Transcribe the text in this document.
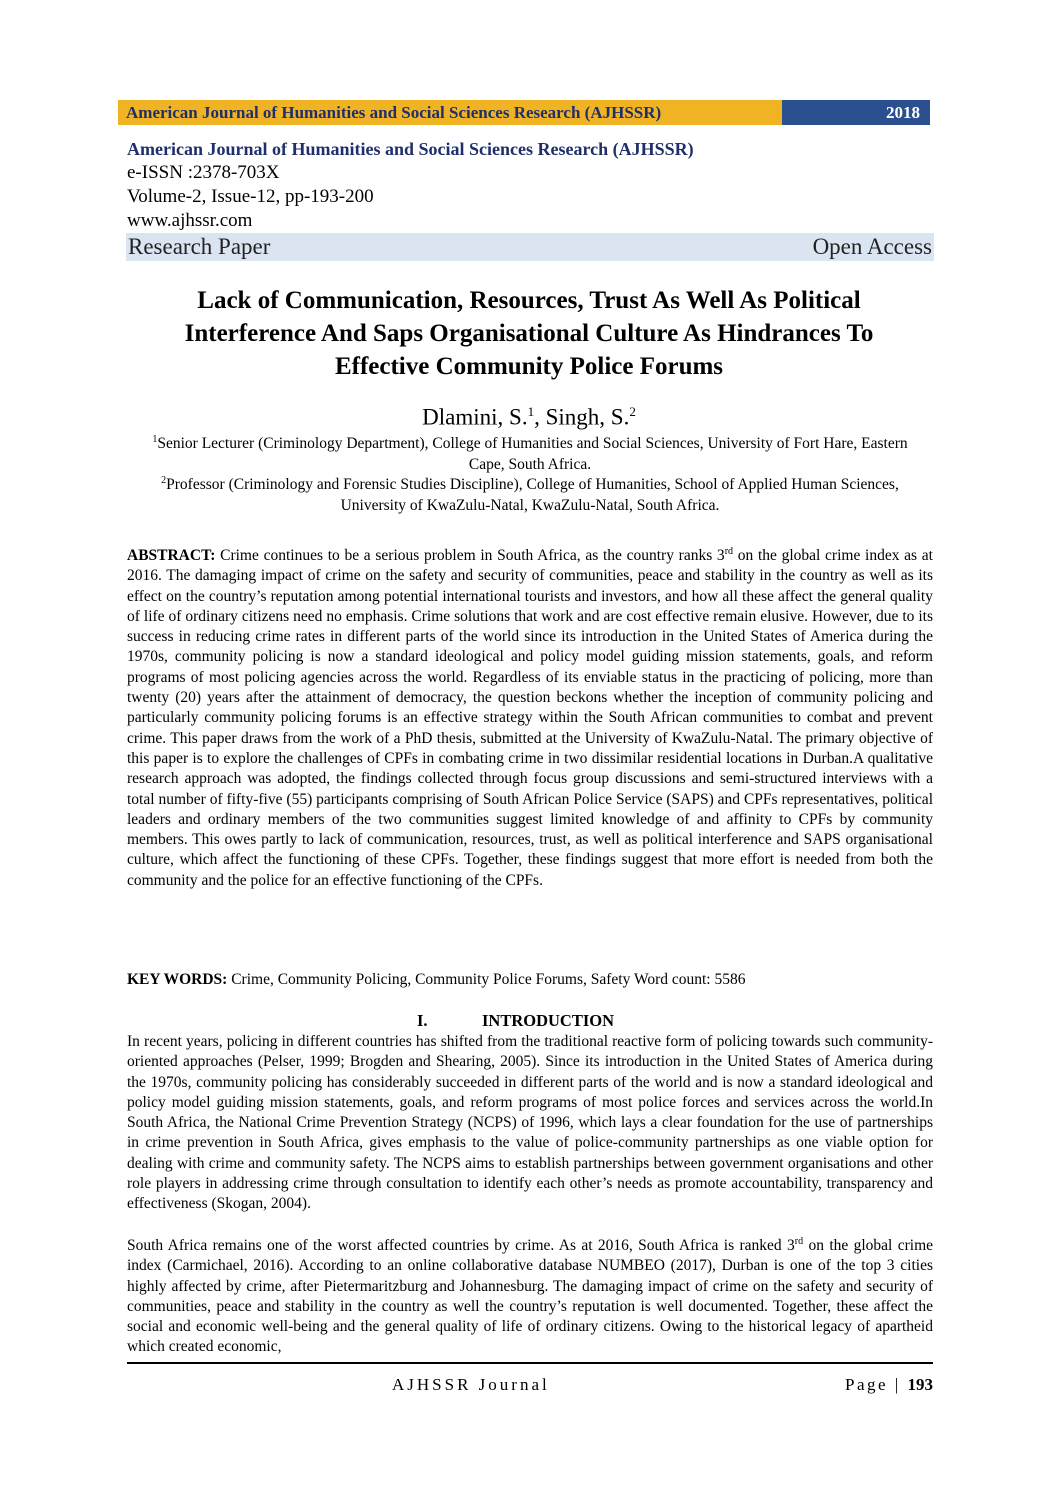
American Journal of Humanities and Social Sciences Research (AJHSSR)	2018
American Journal of Humanities and Social Sciences Research (AJHSSR)
e-ISSN :2378-703X
Volume-2, Issue-12, pp-193-200
www.ajhssr.com
Research Paper	Open Access
Lack of Communication, Resources, Trust As Well As Political
Interference And Saps Organisational Culture As Hindrances To
Effective Community Police Forums
Dlamini, S.$^1$, Singh, S.$^2$
$^1$Senior Lecturer (Criminology Department), College of Humanities and Social Sciences, University of Fort Hare, Eastern Cape, South Africa.
$^2$Professor (Criminology and Forensic Studies Discipline), College of Humanities, School of Applied Human Sciences, University of KwaZulu-Natal, KwaZulu-Natal, South Africa.
ABSTRACT: Crime continues to be a serious problem in South Africa, as the country ranks 3rd on the global crime index as at 2016. The damaging impact of crime on the safety and security of communities, peace and stability in the country as well as its effect on the country’s reputation among potential international tourists and investors, and how all these affect the general quality of life of ordinary citizens need no emphasis. Crime solutions that work and are cost effective remain elusive. However, due to its success in reducing crime rates in different parts of the world since its introduction in the United States of America during the 1970s, community policing is now a standard ideological and policy model guiding mission statements, goals, and reform programs of most policing agencies across the world. Regardless of its enviable status in the practicing of policing, more than twenty (20) years after the attainment of democracy, the question beckons whether the inception of community policing and particularly community policing forums is an effective strategy within the South African communities to combat and prevent crime. This paper draws from the work of a PhD thesis, submitted at the University of KwaZulu-Natal. The primary objective of this paper is to explore the challenges of CPFs in combating crime in two dissimilar residential locations in Durban.A qualitative research approach was adopted, the findings collected through focus group discussions and semi-structured interviews with a total number of fifty-five (55) participants comprising of South African Police Service (SAPS) and CPFs representatives, political leaders and ordinary members of the two communities suggest limited knowledge of and affinity to CPFs by community members. This owes partly to lack of communication, resources, trust, as well as political interference and SAPS organisational culture, which affect the functioning of these CPFs. Together, these findings suggest that more effort is needed from both the community and the police for an effective functioning of the CPFs.
KEY WORDS: Crime, Community Policing, Community Police Forums, Safety Word count: 5586
I.	INTRODUCTION
In recent years, policing in different countries has shifted from the traditional reactive form of policing towards such community-oriented approaches (Pelser, 1999; Brogden and Shearing, 2005). Since its introduction in the United States of America during the 1970s, community policing has considerably succeeded in different parts of the world and is now a standard ideological and policy model guiding mission statements, goals, and reform programs of most police forces and services across the world.In South Africa, the National Crime Prevention Strategy (NCPS) of 1996, which lays a clear foundation for the use of partnerships in crime prevention in South Africa, gives emphasis to the value of police-community partnerships as one viable option for dealing with crime and community safety. The NCPS aims to establish partnerships between government organisations and other role players in addressing crime through consultation to identify each other’s needs as promote accountability, transparency and effectiveness (Skogan, 2004).
South Africa remains one of the worst affected countries by crime. As at 2016, South Africa is ranked 3rd on the global crime index (Carmichael, 2016). According to an online collaborative database NUMBEO (2017), Durban is one of the top 3 cities highly affected by crime, after Pietermaritzburg and Johannesburg. The damaging impact of crime on the safety and security of communities, peace and stability in the country as well the country’s reputation is well documented. Together, these affect the social and economic well-being and the general quality of life of ordinary citizens. Owing to the historical legacy of apartheid which created economic,
AJHSSR Journal	Page | 193
